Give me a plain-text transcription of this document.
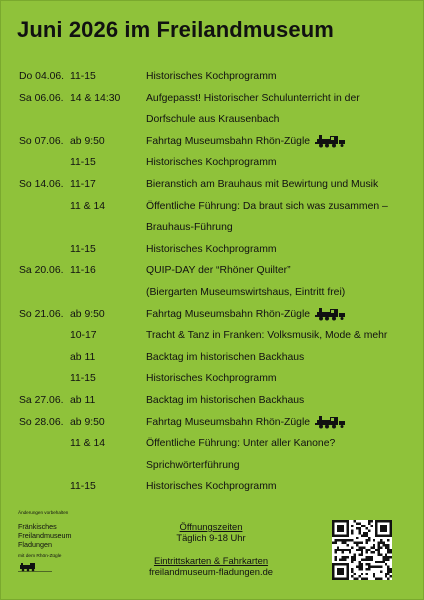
Juni 2026 im Freilandmuseum
Do 04.06. 11-15	Historisches Kochprogramm
Sa 06.06. 14 & 14:30 Aufgepasst! Historischer Schulunterricht in der
Dorfschule aus Krausenbach
So 07.06. ab 9:50	Fahrtag Museumsbahn Rhön-Zügle
11-15	Historisches Kochprogramm
So 14.06. 11-17	Bieranstich am Brauhaus mit Bewirtung und Musik
11 & 14	Öffentliche Führung: Da braut sich was zusammen –
Brauhaus-Führung
11-15	Historisches Kochprogramm
Sa 20.06. 11-16	QUIP-DAY der “Rhöner Quilter”
(Biergarten Museumswirtshaus, Eintritt frei)
So 21.06. ab 9:50	Fahrtag Museumsbahn Rhön-Zügle
10-17	Tracht & Tanz in Franken: Volksmusik, Mode & mehr
ab 11	Backtag im historischen Backhaus
11-15	Historisches Kochprogramm
Sa 27.06. ab 11	Backtag im historischen Backhaus
So 28.06. ab 9:50	Fahrtag Museumsbahn Rhön-Zügle
11 & 14	Öffentliche Führung: Unter aller Kanone?
Sprichwörterführung
11-15	Historisches Kochprogramm
Änderungen vorbehalten
Fränkisches
Freilandmuseum
Fladungen
mit dem Rhön-Zügle
Öffnungszeiten
Täglich 9-18 Uhr
Eintrittskarten & Fahrkarten
freilandmuseum-fladungen.de
